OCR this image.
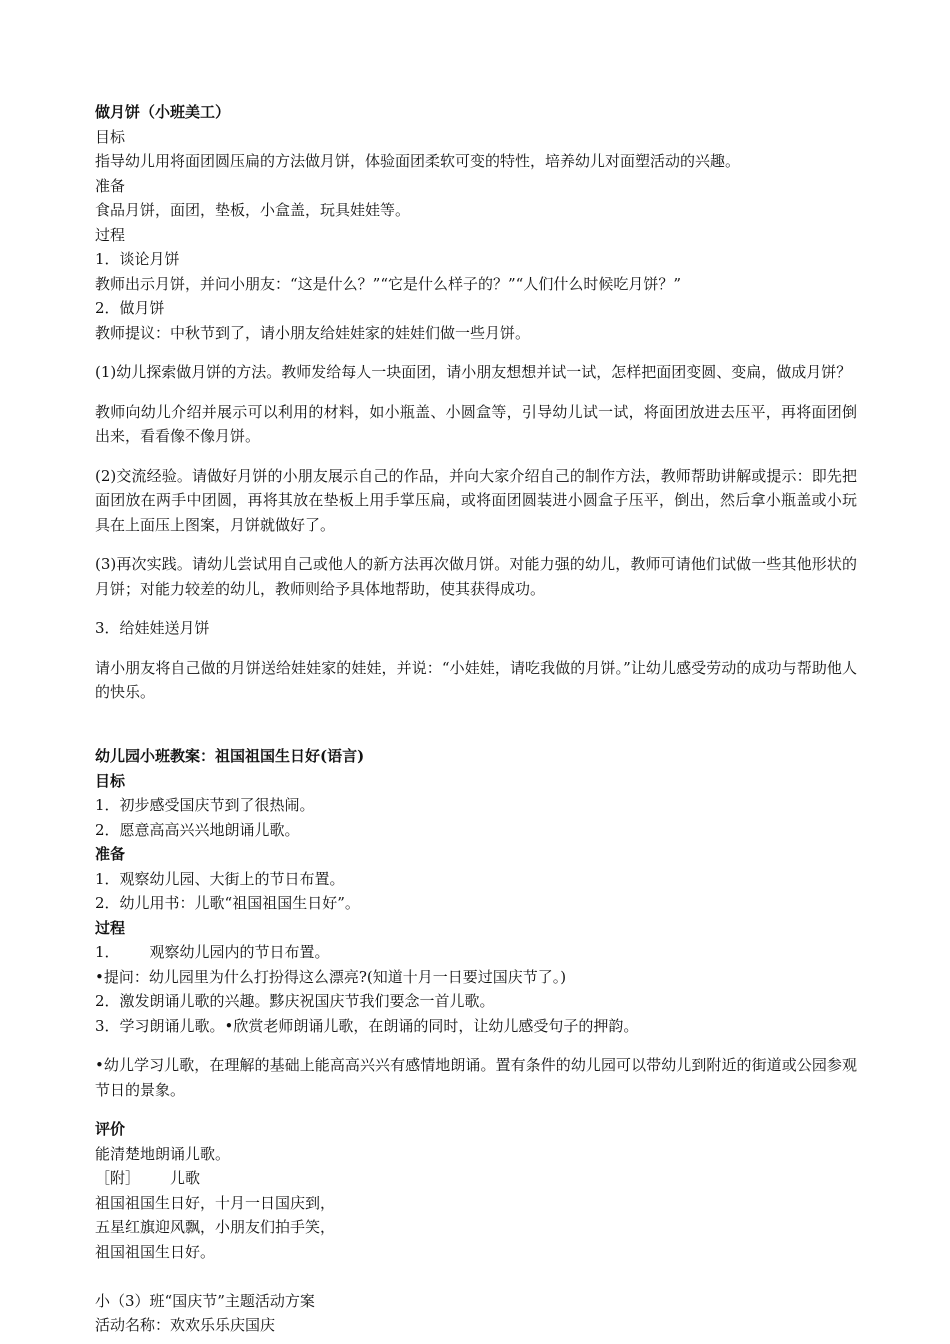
做月饼（小班美工）

目标

指导幼儿用将面团圆压扁的方法做月饼，体验面团柔软可变的特性，培养幼儿对面塑活动的兴趣。

准备

食品月饼，面团，垫板，小盒盖，玩具娃娃等。

过程

1．谈论月饼

教师出示月饼，并问小朋友：“这是什么？”“它是什么样子的？”“人们什么时候吃月饼？”

2．做月饼

教师提议：中秋节到了，请小朋友给娃娃家的娃娃们做一些月饼。

(1)幼儿探索做月饼的方法。教师发给每人一块面团，请小朋友想想并试一试，怎样把面团变圆、变扁，做成月饼？

教师向幼儿介绍并展示可以利用的材料，如小瓶盖、小圆盒等，引导幼儿试一试，将面团放进去压平，再将面团倒出来，看看像不像月饼。

(2)交流经验。请做好月饼的小朋友展示自己的作品，并向大家介绍自己的制作方法，教师帮助讲解或提示：即先把面团放在两手中团圆，再将其放在垫板上用手掌压扁，或将面团圆装进小圆盒子压平，倒出，然后拿小瓶盖或小玩具在上面压上图案，月饼就做好了。

(3)再次实践。请幼儿尝试用自己或他人的新方法再次做月饼。对能力强的幼儿，教师可请他们试做一些其他形状的月饼；对能力较差的幼儿，教师则给予具体地帮助，使其获得成功。

3．给娃娃送月饼

请小朋友将自己做的月饼送给娃娃家的娃娃，并说：“小娃娃，请吃我做的月饼。”让幼儿感受劳动的成功与帮助他人的快乐。

幼儿园小班教案：祖国祖国生日好(语言)

目标

1．初步感受国庆节到了很热闹。

2．愿意高高兴兴地朗诵儿歌。

准备

1．观察幼儿园、大街上的节日布置。

2．幼儿用书：儿歌“祖国祖国生日好”。

过程

1． 观察幼儿园内的节日布置。

•提问：幼儿园里为什么打扮得这么漂亮?(知道十月一日要过国庆节了。)

2．激发朗诵儿歌的兴趣。黟庆祝国庆节我们要念一首儿歌。

3．学习朗诵儿歌。•欣赏老师朗诵儿歌，在朗诵的同时，让幼儿感受句子的押韵。

•幼儿学习儿歌，在理解的基础上能高高兴兴有感情地朗诵。置有条件的幼儿园可以带幼儿到附近的街道或公园参观节日的景象。

评价

能清楚地朗诵儿歌。

［附］ 儿歌

祖国祖国生日好，十月一日国庆到，

五星红旗迎风飘，小朋友们拍手笑，

祖国祖国生日好。

小（3）班“国庆节”主题活动方案

活动名称：欢欢乐乐庆国庆
